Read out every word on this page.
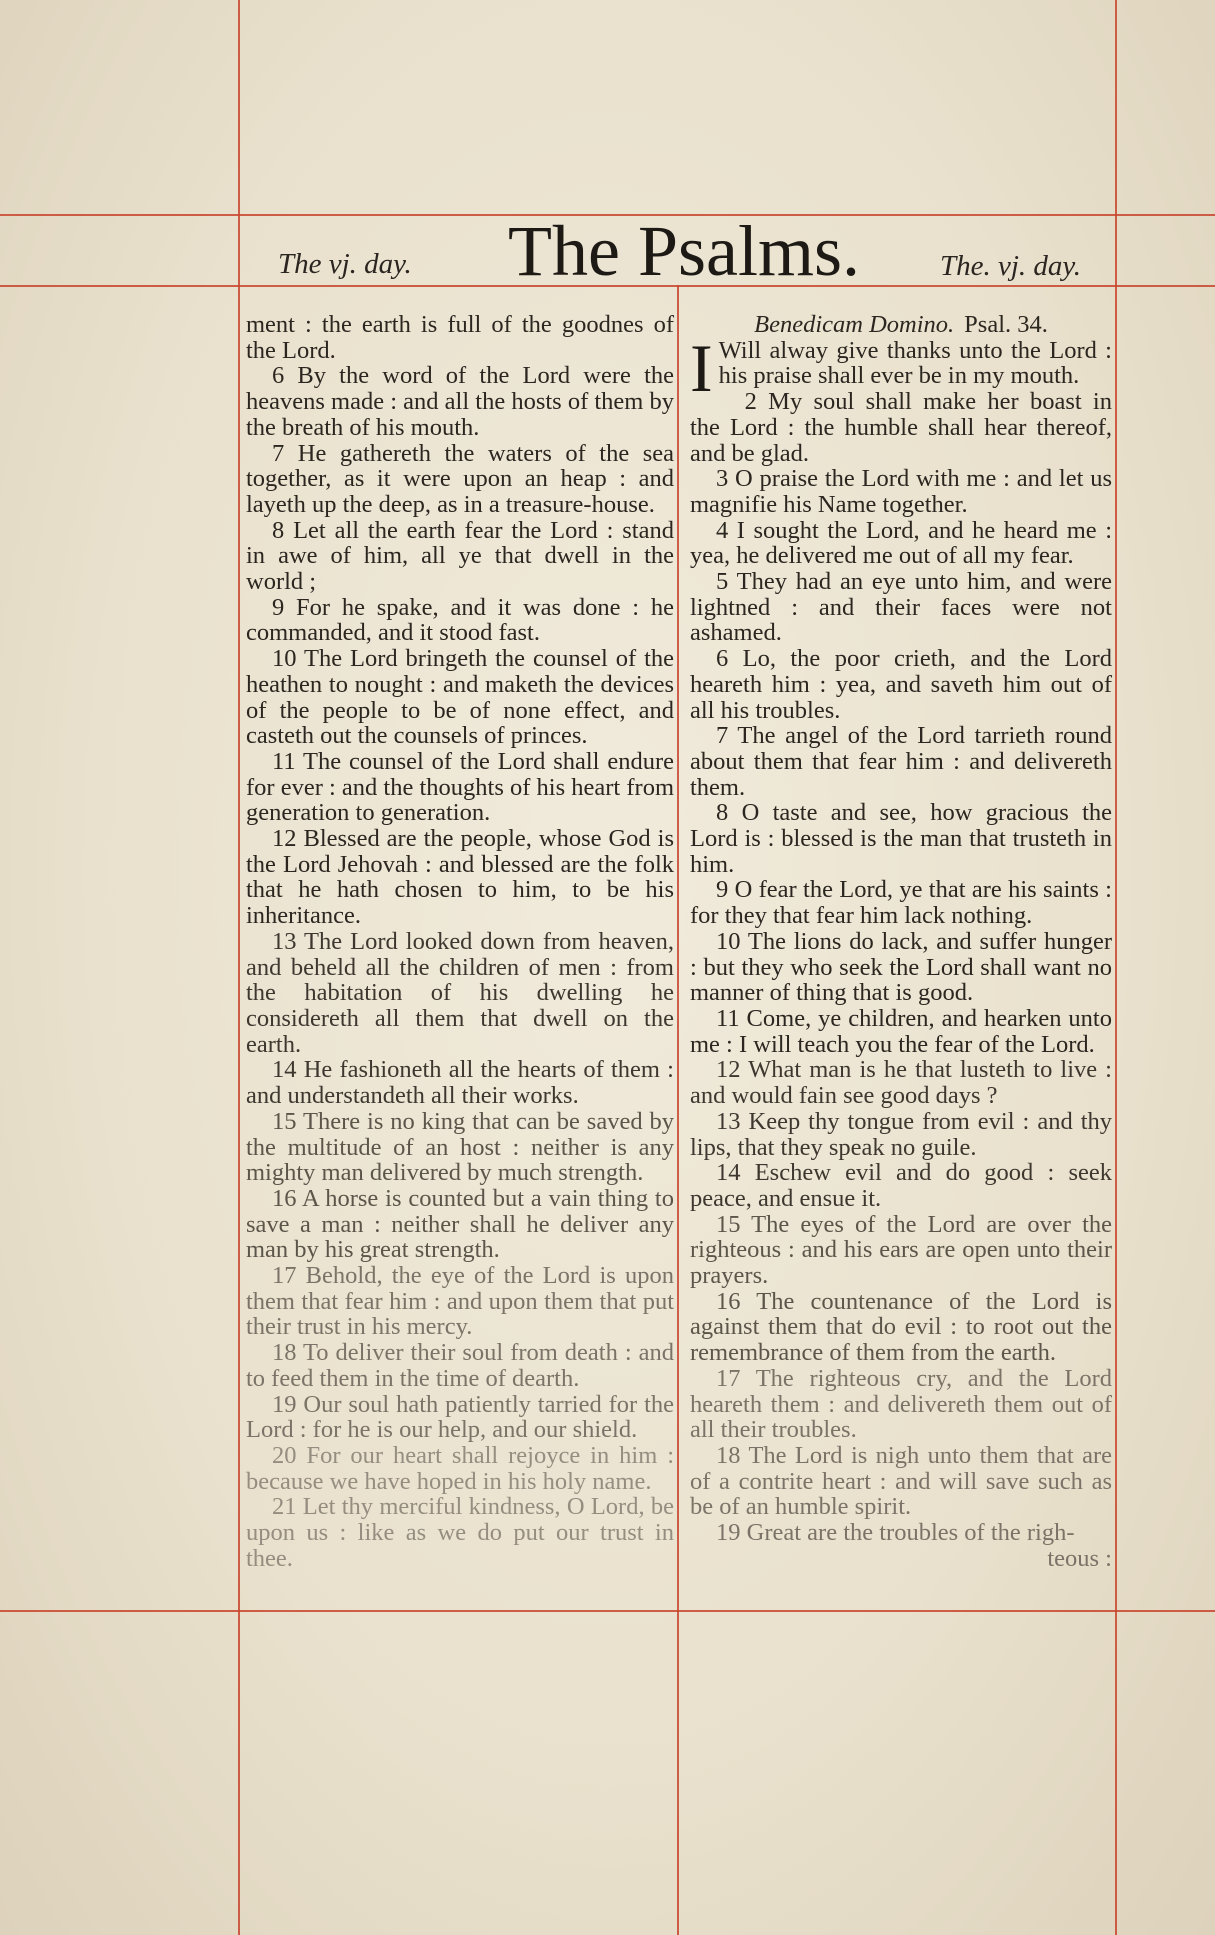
The vj. day. The Psalms.	The. vj. day.

ment : the earth is full of the goodnes of the Lord.

6 By the word of the Lord were the heavens made : and all the hosts of them by the breath of his mouth.

7 He gathereth the waters of the sea together, as it were upon an heap : and layeth up the deep, as in a treasure-house.

8 Let all the earth fear the Lord : stand in awe of him, all ye that dwell in the world ;

9 For he spake, and it was done : he commanded, and it stood fast.

10 The Lord bringeth the counsel of the heathen to nought : and maketh the devices of the people to be of none effect, and casteth out the counsels of princes.

11 The counsel of the Lord shall endure for ever : and the thoughts of his heart from generation to generation.

12 Blessed are the people, whose God is the Lord Jehovah : and blessed are the folk that he hath chosen to him, to be his inheritance.

13 The Lord looked down from heaven, and beheld all the children of men : from the habitation of his dwelling he considereth all them that dwell on the earth.

14 He fashioneth all the hearts of them : and understandeth all their works.

15 There is no king that can be saved by the multitude of an host : neither is any mighty man delivered by much strength.

16 A horse is counted but a vain thing to save a man : neither shall he deliver any man by his great strength.

17 Behold, the eye of the Lord is upon them that fear him : and upon them that put their trust in his mercy.

18 To deliver their soul from death : and to feed them in the time of dearth.

19 Our soul hath patiently tarried for the Lord : for he is our help, and our shield.

20 For our heart shall rejoyce in him : because we have hoped in his holy name.

21 Let thy merciful kindness, O Lord, be upon us : like as we do put our trust in thee.

Benedicam Domino. Psal. 34.

I Will alway give thanks unto the Lord : his praise shall ever be in my mouth.

2 My soul shall make her boast in the Lord : the humble shall hear thereof, and be glad.

3 O praise the Lord with me : and let us magnifie his Name together.

4 I sought the Lord, and he heard me : yea, he delivered me out of all my fear.

5 They had an eye unto him, and were lightned : and their faces were not ashamed.

6 Lo, the poor crieth, and the Lord heareth him : yea, and saveth him out of all his troubles.

7 The angel of the Lord tarrieth round about them that fear him : and delivereth them.

8 O taste and see, how gracious the Lord is : blessed is the man that trusteth in him.

9 O fear the Lord, ye that are his saints : for they that fear him lack nothing.

10 The lions do lack, and suffer hunger : but they who seek the Lord shall want no manner of thing that is good.

11 Come, ye children, and hearken unto me : I will teach you the fear of the Lord.

12 What man is he that lusteth to live : and would fain see good days ?

13 Keep thy tongue from evil : and thy lips, that they speak no guile.

14 Eschew evil and do good : seek peace, and ensue it.

15 The eyes of the Lord are over the righteous : and his ears are open unto their prayers.

16 The countenance of the Lord is against them that do evil : to root out the remembrance of them from the earth.

17 The righteous cry, and the Lord heareth them : and delivereth them out of all their troubles.

18 The Lord is nigh unto them that are of a contrite heart : and will save such as be of an humble spirit.

19 Great are the troubles of the righ-

teous :
